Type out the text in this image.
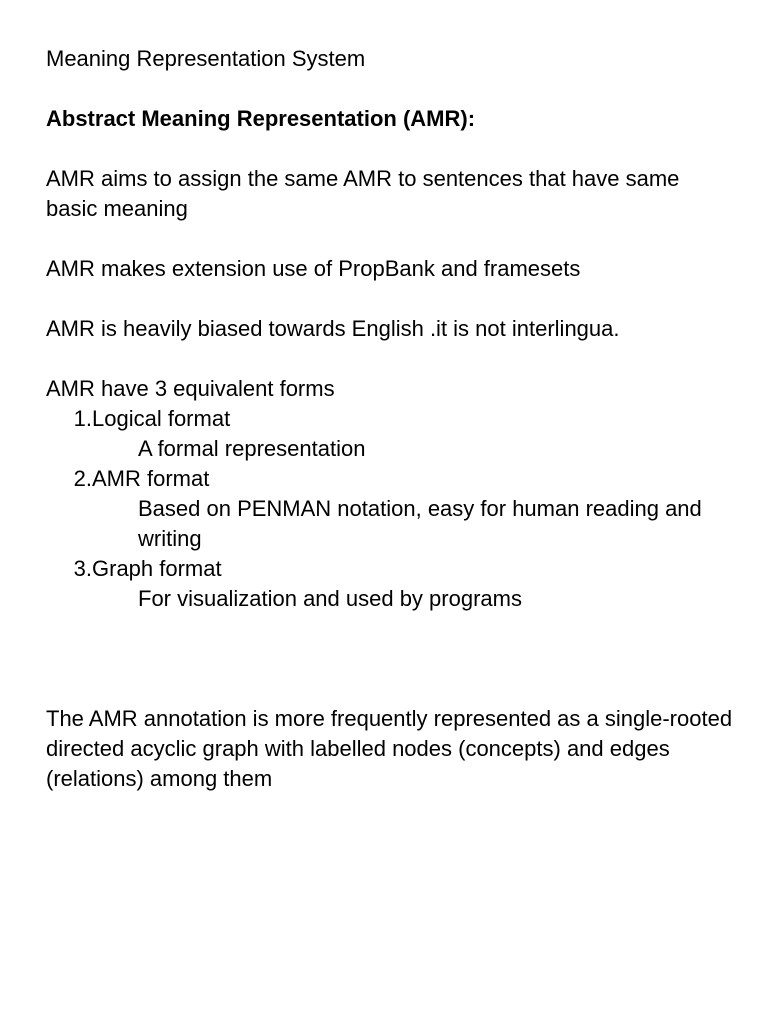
Meaning Representation System

Abstract Meaning Representation (AMR):

AMR aims to assign the same AMR to sentences that have same basic meaning

AMR makes extension use of PropBank and framesets

AMR is heavily biased towards English .it is not interlingua.

AMR have 3 equivalent forms

1. Logical format

A formal representation

2. AMR format

Based on PENMAN notation, easy for human reading and writing

3. Graph format

For visualization and used by programs

The AMR annotation is more frequently represented as a single-rooted directed acyclic graph with labelled nodes (concepts) and edges (relations) among them
